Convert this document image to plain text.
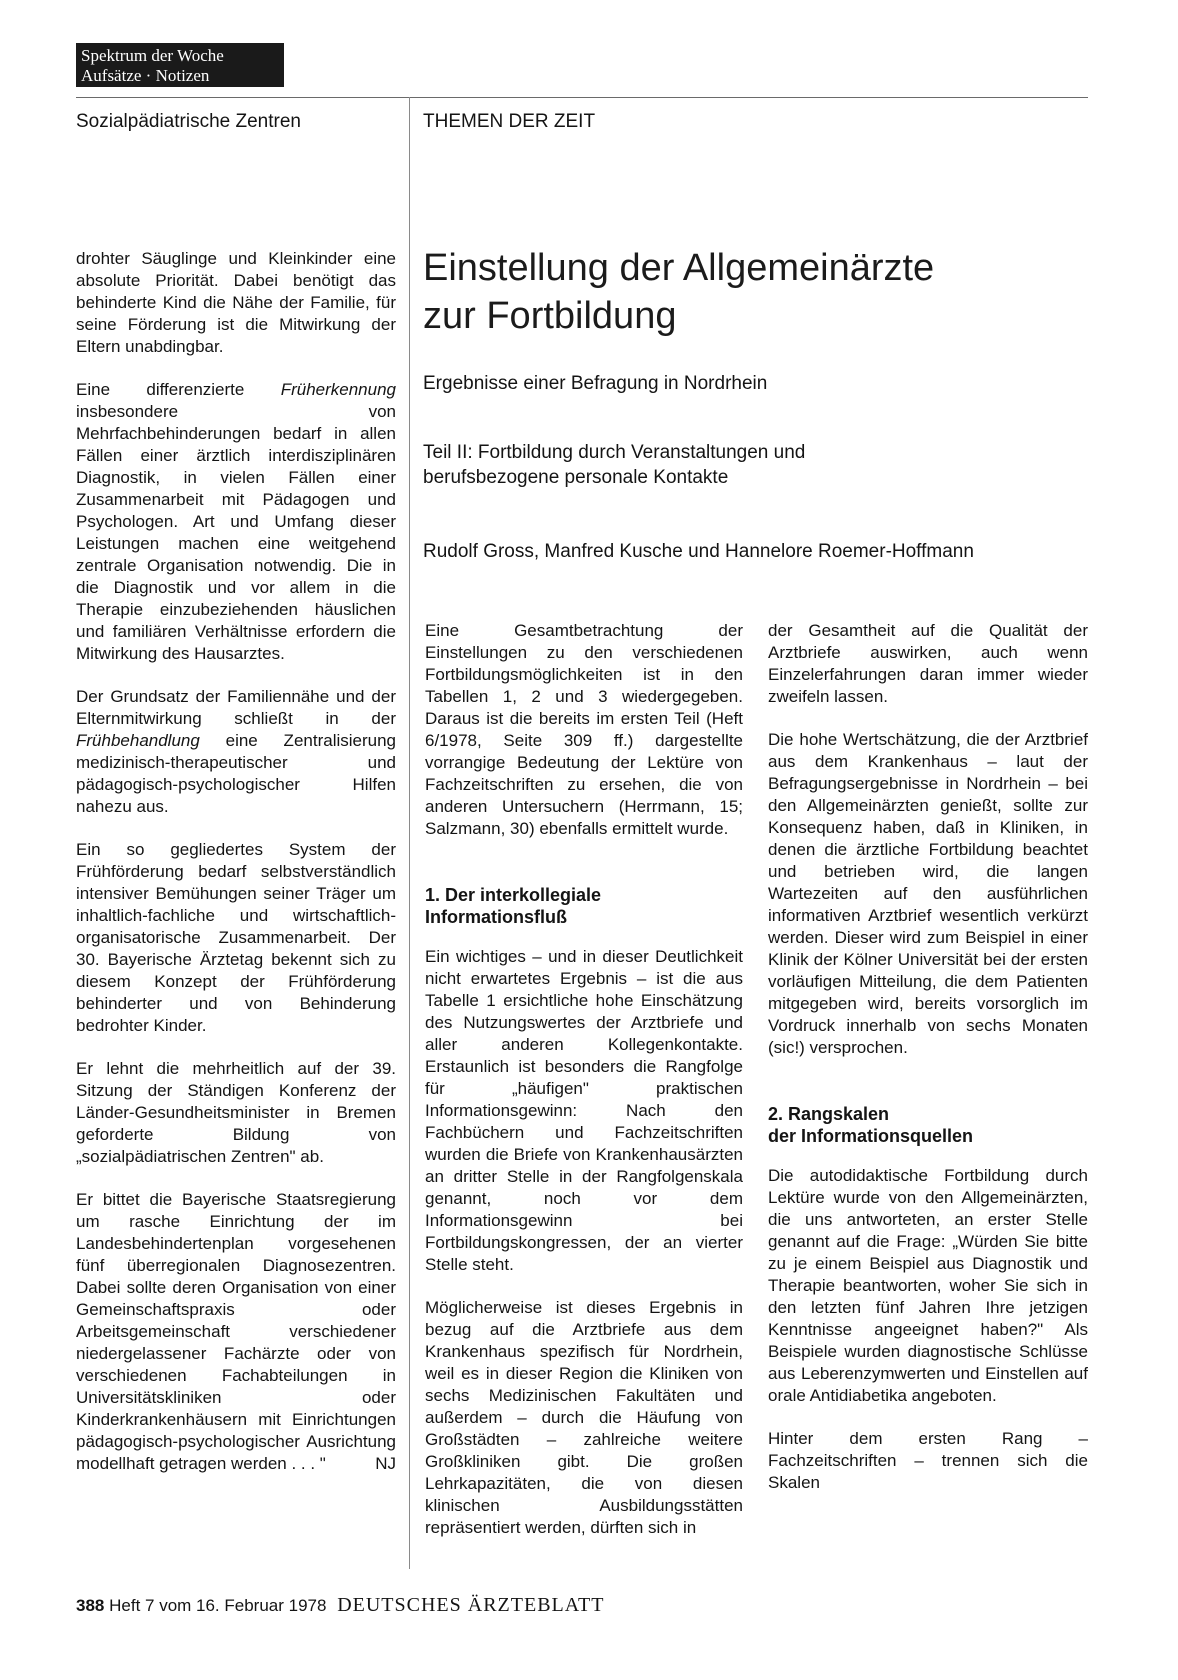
Spektrum der Woche
Aufsätze · Notizen
Sozialpädiatrische Zentren	THEMEN DER ZEIT
Einstellung der Allgemeinärzte
zur Fortbildung
Ergebnisse einer Befragung in Nordrhein
Teil II: Fortbildung durch Veranstaltungen und
berufsbezogene personale Kontakte
Rudolf Gross, Manfred Kusche und Hannelore Roemer-Hoffmann

drohter Säuglinge und Kleinkinder eine absolute Priorität. Dabei benötigt das behinderte Kind die Nähe der Familie, für seine Förderung ist die Mitwirkung der Eltern unabdingbar.

Eine differenzierte Früherkennung insbesondere von Mehrfachbehinderungen bedarf in allen Fällen einer ärztlich interdisziplinären Diagnostik, in vielen Fällen einer Zusammenarbeit mit Pädagogen und Psychologen. Art und Umfang dieser Leistungen machen eine weitgehend zentrale Organisation notwendig. Die in die Diagnostik und vor allem in die Therapie einzubeziehenden häuslichen und familiären Verhältnisse erfordern die Mitwirkung des Hausarztes.

Der Grundsatz der Familiennähe und der Elternmitwirkung schließt in der Frühbehandlung eine Zentralisierung medizinisch-therapeutischer und pädagogisch-psychologischer Hilfen nahezu aus.

Ein so gegliedertes System der Frühförderung bedarf selbstverständlich intensiver Bemühungen seiner Träger um inhaltlich-fachliche und wirtschaftlich-organisatorische Zusammenarbeit. Der 30. Bayerische Ärztetag bekennt sich zu diesem Konzept der Frühförderung behinderter und von Behinderung bedrohter Kinder.

Er lehnt die mehrheitlich auf der 39. Sitzung der Ständigen Konferenz der Länder-Gesundheitsminister in Bremen geforderte Bildung von „sozialpädiatrischen Zentren" ab.

Er bittet die Bayerische Staatsregierung um rasche Einrichtung der im Landesbehindertenplan vorgesehenen fünf überregionalen Diagnosezentren. Dabei sollte deren Organisation von einer Gemeinschaftspraxis oder Arbeitsgemeinschaft verschiedener niedergelassener Fachärzte oder von verschiedenen Fachabteilungen in Universitätskliniken oder Kinderkrankenhäusern mit Einrichtungen pädagogisch-psychologischer Ausrichtung modellhaft getragen werden . . . "	NJ

Eine Gesamtbetrachtung der Einstellungen zu den verschiedenen Fortbildungsmöglichkeiten ist in den Tabellen 1, 2 und 3 wiedergegeben. Daraus ist die bereits im ersten Teil (Heft 6/1978, Seite 309 ff.) dargestellte vorrangige Bedeutung der Lektüre von Fachzeitschriften zu ersehen, die von anderen Untersuchern (Herrmann, 15; Salzmann, 30) ebenfalls ermittelt wurde.

1. Der interkollegiale
Informationsfluß

Ein wichtiges – und in dieser Deutlichkeit nicht erwartetes Ergebnis – ist die aus Tabelle 1 ersichtliche hohe Einschätzung des Nutzungswertes der Arztbriefe und aller anderen Kollegenkontakte. Erstaunlich ist besonders die Rangfolge für „häufigen" praktischen Informationsgewinn: Nach den Fachbüchern und Fachzeitschriften wurden die Briefe von Krankenhausärzten an dritter Stelle in der Rangfolgenskala genannt, noch vor dem Informationsgewinn bei Fortbildungskongressen, der an vierter Stelle steht.

Möglicherweise ist dieses Ergebnis in bezug auf die Arztbriefe aus dem Krankenhaus spezifisch für Nordrhein, weil es in dieser Region die Kliniken von sechs Medizinischen Fakultäten und außerdem – durch die Häufung von Großstädten – zahlreiche weitere Großkliniken gibt. Die großen Lehrkapazitäten, die von diesen klinischen Ausbildungsstätten repräsentiert werden, dürften sich in

der Gesamtheit auf die Qualität der Arztbriefe auswirken, auch wenn Einzelerfahrungen daran immer wieder zweifeln lassen.

Die hohe Wertschätzung, die der Arztbrief aus dem Krankenhaus – laut der Befragungsergebnisse in Nordrhein – bei den Allgemeinärzten genießt, sollte zur Konsequenz haben, daß in Kliniken, in denen die ärztliche Fortbildung beachtet und betrieben wird, die langen Wartezeiten auf den ausführlichen informativen Arztbrief wesentlich verkürzt werden. Dieser wird zum Beispiel in einer Klinik der Kölner Universität bei der ersten vorläufigen Mitteilung, die dem Patienten mitgegeben wird, bereits vorsorglich im Vordruck innerhalb von sechs Monaten (sic!) versprochen.

2. Rangskalen
der Informationsquellen

Die autodidaktische Fortbildung durch Lektüre wurde von den Allgemeinärzten, die uns antworteten, an erster Stelle genannt auf die Frage: „Würden Sie bitte zu je einem Beispiel aus Diagnostik und Therapie beantworten, woher Sie sich in den letzten fünf Jahren Ihre jetzigen Kenntnisse angeeignet haben?" Als Beispiele wurden diagnostische Schlüsse aus Leberenzymwerten und Einstellen auf orale Antidiabetika angeboten.

Hinter dem ersten Rang – Fachzeitschriften – trennen sich die Skalen

388 Heft 7 vom 16. Februar 1978 DEUTSCHES ÄRZTEBLATT
